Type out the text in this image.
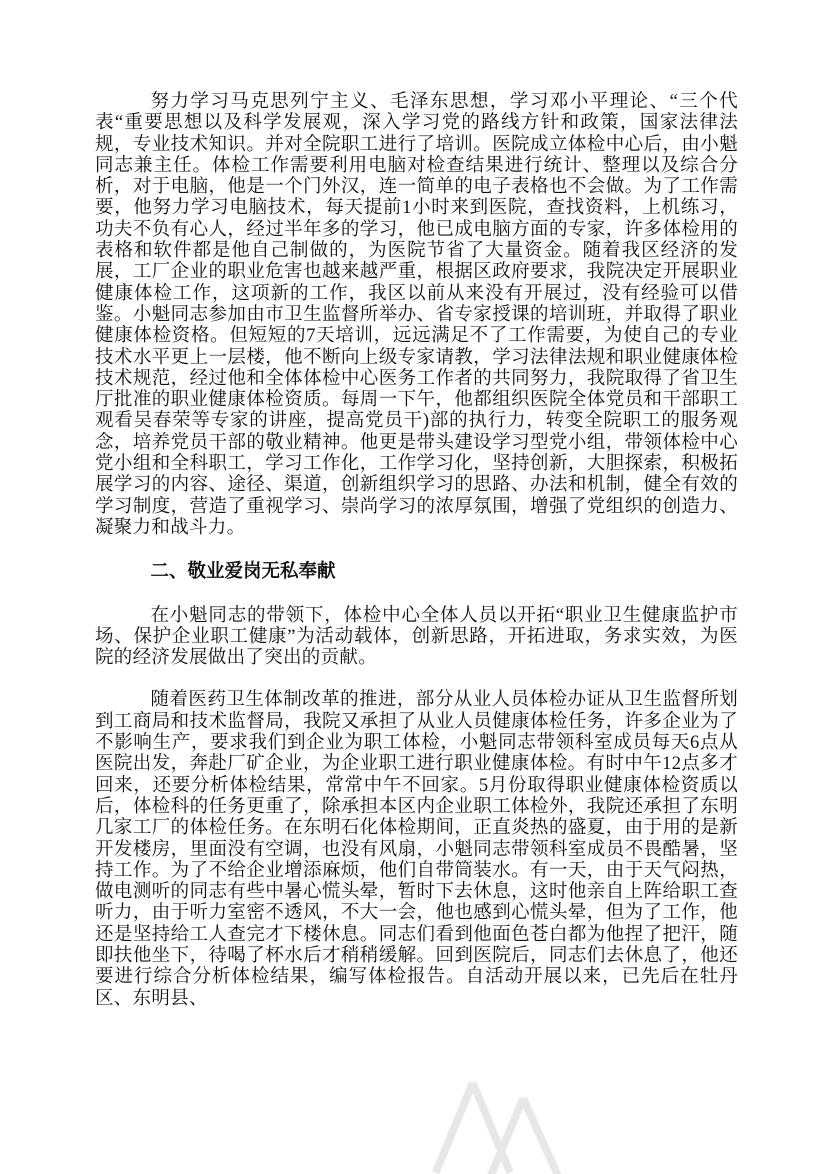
努力学习马克思列宁主义、毛泽东思想，学习邓小平理论、“三个代表“重要思想以及科学发展观，深入学习党的路线方针和政策，国家法律法规，专业技术知识。并对全院职工进行了培训。医院成立体检中心后，由小魁同志兼主任。体检工作需要利用电脑对检查结果进行统计、整理以及综合分析，对于电脑，他是一个门外汉，连一简单的电子表格也不会做。为了工作需要，他努力学习电脑技术，每天提前1小时来到医院，查找资料，上机练习，功夫不负有心人，经过半年多的学习，他已成电脑方面的专家，许多体检用的表格和软件都是他自己制做的，为医院节省了大量资金。随着我区经济的发展，工厂企业的职业危害也越来越严重，根据区政府要求，我院决定开展职业健康体检工作，这项新的工作，我区以前从来没有开展过，没有经验可以借鉴。小魁同志参加由市卫生监督所举办、省专家授课的培训班，并取得了职业健康体检资格。但短短的7天培训，远远满足不了工作需要，为使自己的专业技术水平更上一层楼，他不断向上级专家请教，学习法律法规和职业健康体检技术规范，经过他和全体体检中心医务工作者的共同努力，我院取得了省卫生厅批准的职业健康体检资质。每周一下午，他都组织医院全体党员和干部职工观看吴春荣等专家的讲座，提高党员干)部的执行力，转变全院职工的服务观念，培养党员干部的敬业精神。他更是带头建设学习型党小组，带领体检中心党小组和全科职工，学习工作化，工作学习化，坚持创新，大胆探索，积极拓展学习的内容、途径、渠道，创新组织学习的思路、办法和机制，健全有效的学习制度，营造了重视学习、崇尚学习的浓厚氛围，增强了党组织的创造力、凝聚力和战斗力。

二、敬业爱岗无私奉献

在小魁同志的带领下，体检中心全体人员以开拓“职业卫生健康监护市场、保护企业职工健康”为活动载体，创新思路，开拓进取，务求实效，为医院的经济发展做出了突出的贡献。

随着医药卫生体制改革的推进，部分从业人员体检办证从卫生监督所划到工商局和技术监督局，我院又承担了从业人员健康体检任务，许多企业为了不影响生产，要求我们到企业为职工体检，小魁同志带领科室成员每天6点从医院出发，奔赴厂矿企业，为企业职工进行职业健康体检。有时中午12点多才回来，还要分析体检结果，常常中午不回家。5月份取得职业健康体检资质以后，体检科的任务更重了，除承担本区内企业职工体检外，我院还承担了东明几家工厂的体检任务。在东明石化体检期间，正直炎热的盛夏，由于用的是新开发楼房，里面没有空调，也没有风扇，小魁同志带领科室成员不畏酷暑，坚持工作。为了不给企业增添麻烦，他们自带筒装水。有一天，由于天气闷热，做电测听的同志有些中暑心慌头晕，暂时下去休息，这时他亲自上阵给职工查听力，由于听力室密不透风，不大一会，他也感到心慌头晕，但为了工作，他还是坚持给工人查完才下楼休息。同志们看到他面色苍白都为他捏了把汗，随即扶他坐下，待喝了杯水后才稍稍缓解。回到医院后，同志们去休息了，他还要进行综合分析体检结果，编写体检报告。自活动开展以来，已先后在牡丹区、东明县、
